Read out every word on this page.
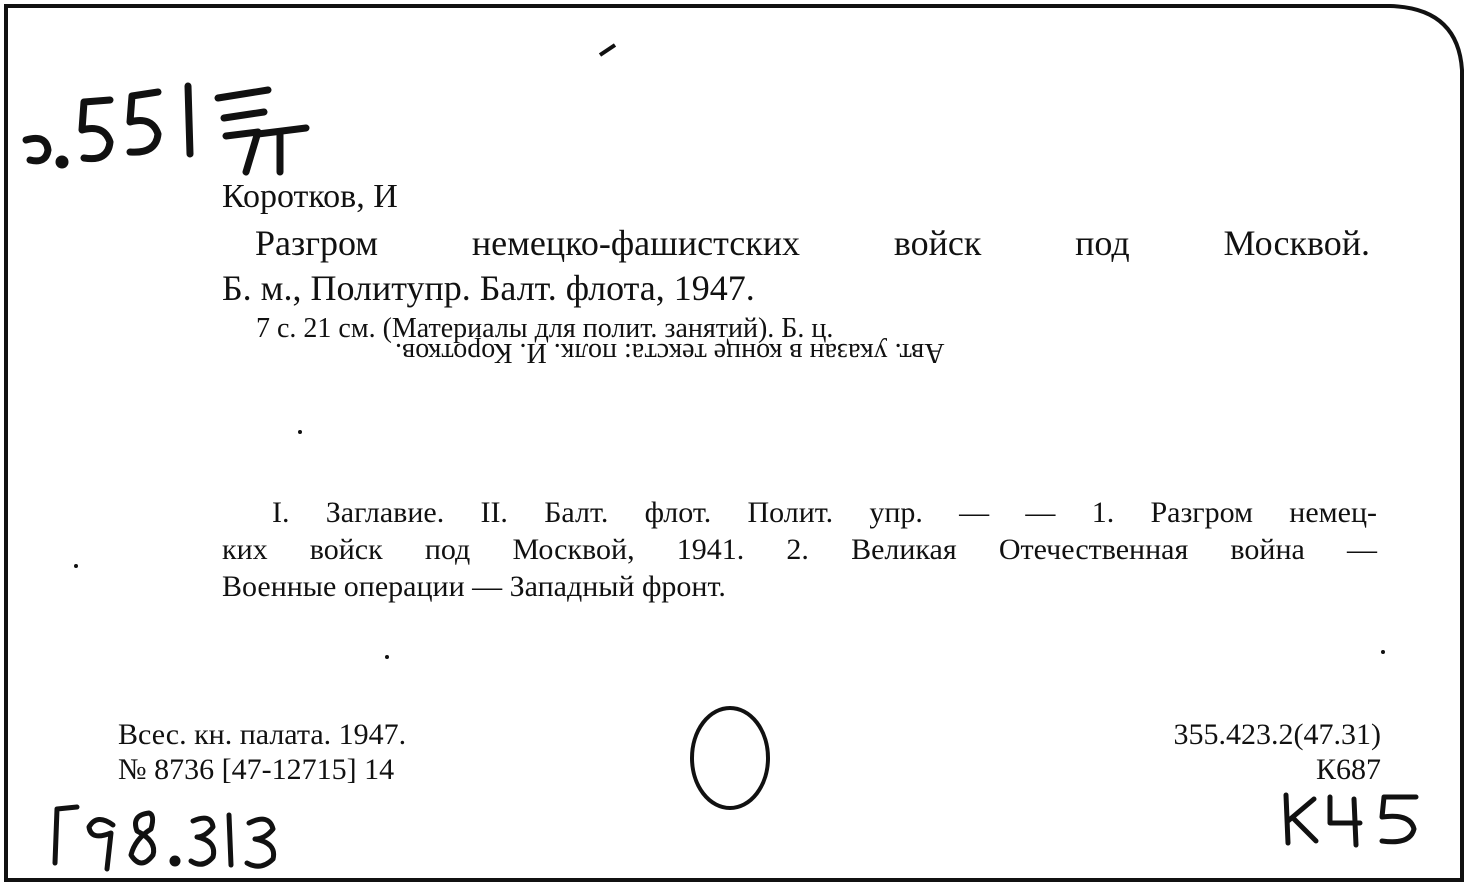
Коротков, И
Разгром немецко-фашистских войск под Москвой.
Б. м., Политупр. Балт. флота, 1947.
7 с. 21 см. (Материалы для полит. занятий). Б. ц.
Авт. указан в конце текста: полк. И. Коротков.
I. Заглавие. II. Балт. флот. Полит. упр. — — 1. Разгром немец-
ких войск под Москвой, 1941. 2. Великая Отечественная война —
Военные операции — Западный фронт.
Всес. кн. палата. 1947.
№ 8736 [47-12715] 14
355.423.2(47.31)
К687
